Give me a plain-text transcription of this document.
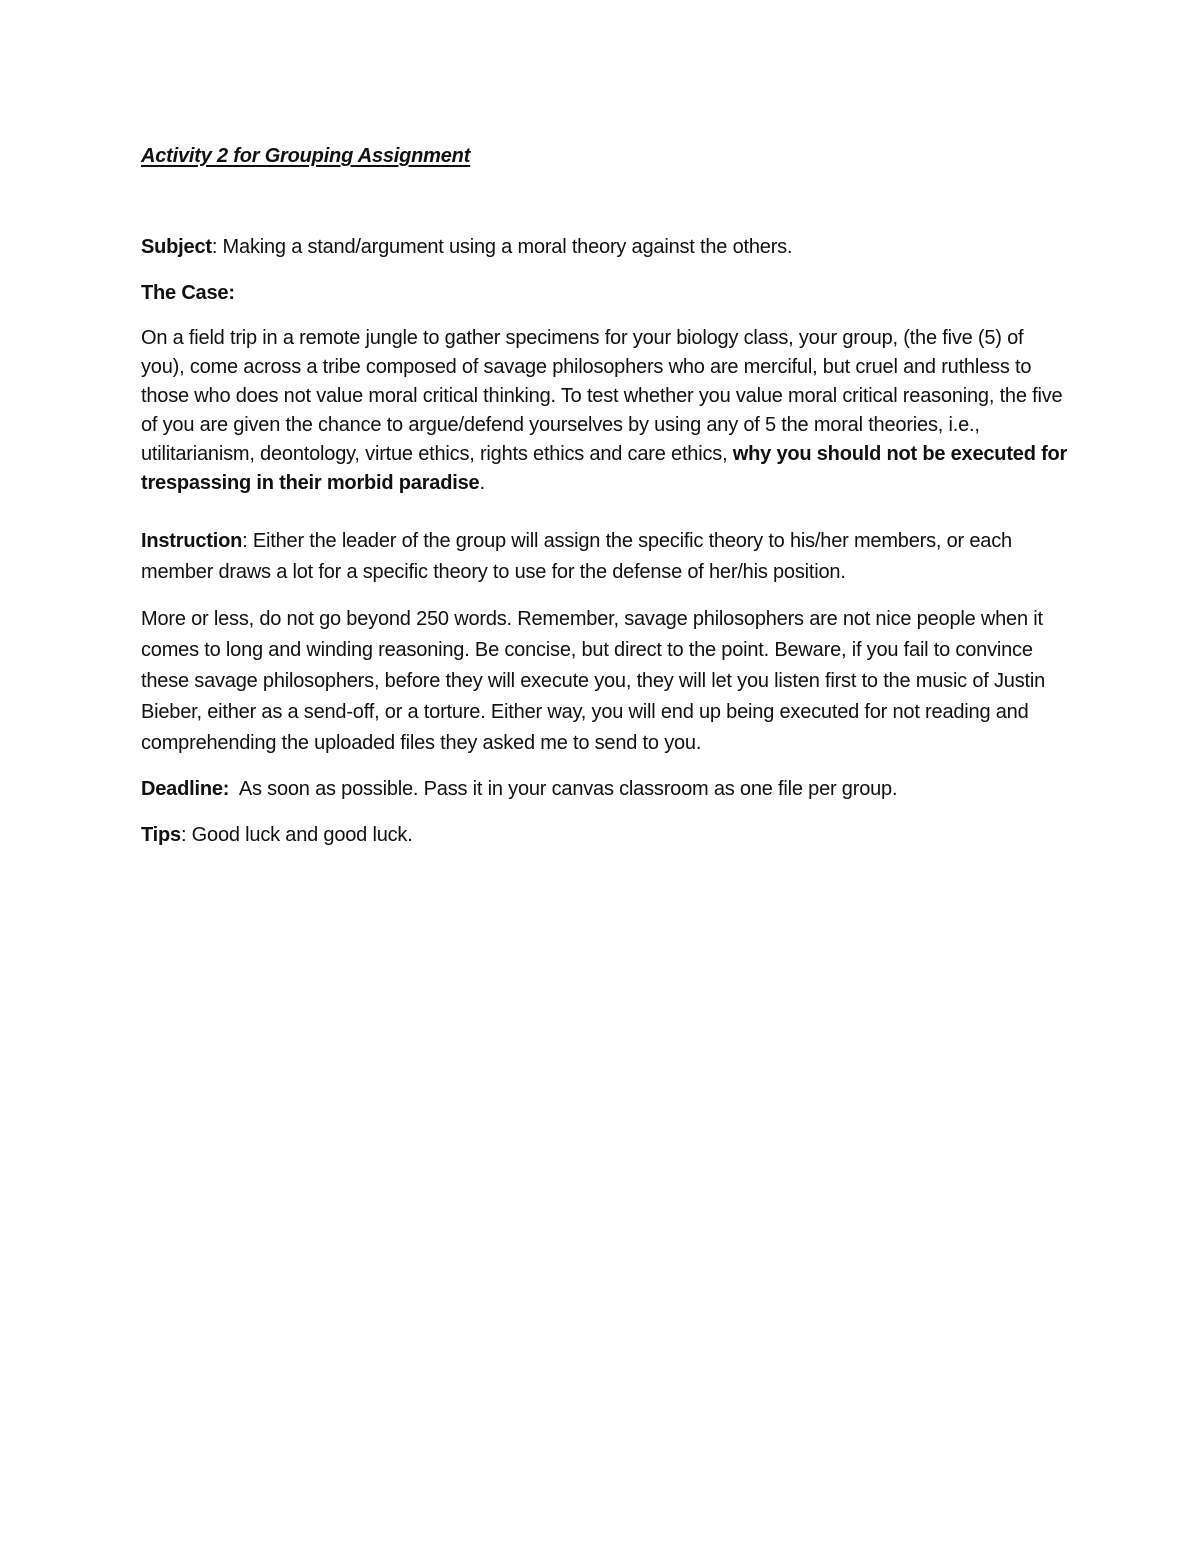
Activity 2 for Grouping Assignment

Subject: Making a stand/argument using a moral theory against the others.

The Case:

On a field trip in a remote jungle to gather specimens for your biology class, your group, (the five (5) of you), come across a tribe composed of savage philosophers who are merciful, but cruel and ruthless to those who does not value moral critical thinking. To test whether you value moral critical reasoning, the five of you are given the chance to argue/defend yourselves by using any of 5 the moral theories, i.e., utilitarianism, deontology, virtue ethics, rights ethics and care ethics, why you should not be executed for trespassing in their morbid paradise.

Instruction: Either the leader of the group will assign the specific theory to his/her members, or each member draws a lot for a specific theory to use for the defense of her/his position.

More or less, do not go beyond 250 words. Remember, savage philosophers are not nice people when it comes to long and winding reasoning. Be concise, but direct to the point. Beware, if you fail to convince these savage philosophers, before they will execute you, they will let you listen first to the music of Justin Bieber, either as a send-off, or a torture. Either way, you will end up being executed for not reading and comprehending the uploaded files they asked me to send to you.

Deadline:  As soon as possible. Pass it in your canvas classroom as one file per group.

Tips: Good luck and good luck.
